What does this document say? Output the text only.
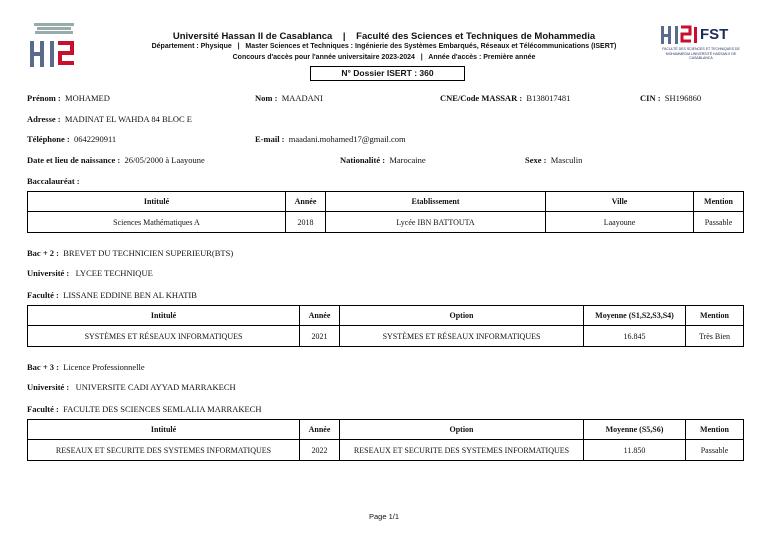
FST
FACULTÉ DES SCIENCES ET TECHNIQUES DE MOHAMMEDIA UNIVERSITÉ HASSAN II DE CASABLANCA
Université Hassan II de Casablanca | Faculté des Sciences et Techniques de Mohammedia
Département : Physique   |   Master Sciences et Techniques : Ingénierie des Systèmes Embarqués, Réseaux et Télécommunications (ISERT)
Concours d'accès pour l'année universitaire 2023-2024   |   Année d'accès : Première année
N° Dossier ISERT : 360
Prénom : MOHAMED	Nom : MAADANI	CNE/Code MASSAR : B138017481	CIN : SH196860
Adresse : MADINAT EL WAHDA 84 BLOC E
Téléphone : 0642290911	E-mail : maadani.mohamed17@gmail.com
Date et lieu de naissance : 26/05/2000 à Laayoune	Nationalité : Marocaine	Sexe : Masculin
Baccalauréat :
Intitulé	Année	Etablissement	Ville	Mention
Sciences Mathématiques A	2018	Lycée IBN BATTOUTA	Laayoune	Passable
Bac + 2 : BREVET DU TECHNICIEN SUPERIEUR(BTS)
Université : LYCEE TECHNIQUE
Faculté : LISSANE EDDINE BEN AL KHATIB
Intitulé	Année	Option	Moyenne (S1,S2,S3,S4)	Mention
SYSTÈMES ET RÉSEAUX INFORMATIQUES	2021	SYSTÈMES ET RÉSEAUX INFORMATIQUES	16.845	Très Bien
Bac + 3 : Licence Professionnelle
Université : UNIVERSITE CADI AYYAD MARRAKECH
Faculté : FACULTE DES SCIENCES SEMLALIA MARRAKECH
Intitulé	Année	Option	Moyenne (S5,S6)	Mention
RESEAUX ET SECURITE DES SYSTEMES INFORMATIQUES	2022	RESEAUX ET SECURITE DES SYSTEMES INFORMATIQUES	11.850	Passable
Page 1/1
